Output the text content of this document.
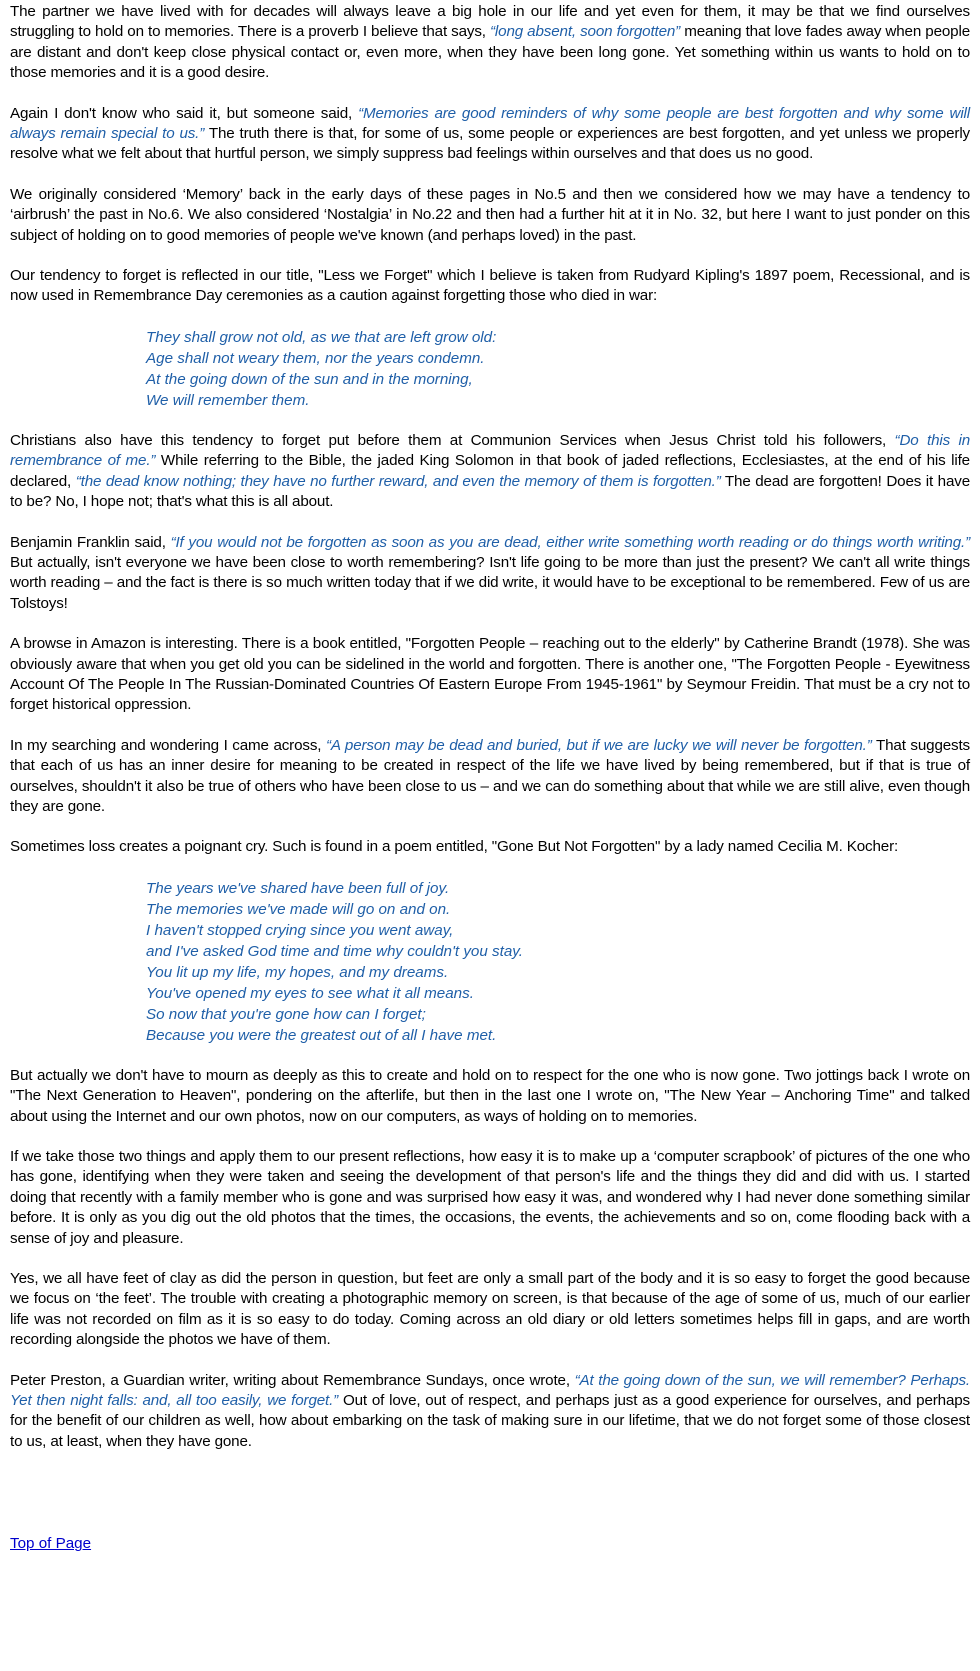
The partner we have lived with for decades will always leave a big hole in our life and yet even for them, it may be that we find ourselves struggling to hold on to memories. There is a proverb I believe that says, “long absent, soon forgotten” meaning that love fades away when people are distant and don't keep close physical contact or, even more, when they have been long gone. Yet something within us wants to hold on to those memories and it is a good desire.

Again I don't know who said it, but someone said, “Memories are good reminders of why some people are best forgotten and why some will always remain special to us.” The truth there is that, for some of us, some people or experiences are best forgotten, and yet unless we properly resolve what we felt about that hurtful person, we simply suppress bad feelings within ourselves and that does us no good.

We originally considered ‘Memory’ back in the early days of these pages in No.5 and then we considered how we may have a tendency to ‘airbrush’ the past in No.6. We also considered ‘Nostalgia’ in No.22 and then had a further hit at it in No. 32, but here I want to just ponder on this subject of holding on to good memories of people we've known (and perhaps loved) in the past.

Our tendency to forget is reflected in our title, "Less we Forget" which I believe is taken from Rudyard Kipling's 1897 poem, Recessional, and is now used in Remembrance Day ceremonies as a caution against forgetting those who died in war:

They shall grow not old, as we that are left grow old:
Age shall not weary them, nor the years condemn.
At the going down of the sun and in the morning,
We will remember them.

Christians also have this tendency to forget put before them at Communion Services when Jesus Christ told his followers, “Do this in remembrance of me.” While referring to the Bible, the jaded King Solomon in that book of jaded reflections, Ecclesiastes, at the end of his life declared, “the dead know nothing; they have no further reward, and even the memory of them is forgotten.” The dead are forgotten! Does it have to be? No, I hope not; that's what this is all about.

Benjamin Franklin said, “If you would not be forgotten as soon as you are dead, either write something worth reading or do things worth writing.” But actually, isn't everyone we have been close to worth remembering? Isn't life going to be more than just the present? We can't all write things worth reading – and the fact is there is so much written today that if we did write, it would have to be exceptional to be remembered. Few of us are Tolstoys!

A browse in Amazon is interesting. There is a book entitled, "Forgotten People – reaching out to the elderly" by Catherine Brandt (1978). She was obviously aware that when you get old you can be sidelined in the world and forgotten. There is another one, "The Forgotten People - Eyewitness Account Of The People In The Russian-Dominated Countries Of Eastern Europe From 1945-1961" by Seymour Freidin. That must be a cry not to forget historical oppression.

In my searching and wondering I came across, “A person may be dead and buried, but if we are lucky we will never be forgotten.” That suggests that each of us has an inner desire for meaning to be created in respect of the life we have lived by being remembered, but if that is true of ourselves, shouldn't it also be true of others who have been close to us – and we can do something about that while we are still alive, even though they are gone.

Sometimes loss creates a poignant cry. Such is found in a poem entitled, "Gone But Not Forgotten" by a lady named Cecilia M. Kocher:

The years we've shared have been full of joy.
The memories we've made will go on and on.
I haven't stopped crying since you went away,
and I've asked God time and time why couldn't you stay.
You lit up my life, my hopes, and my dreams.
You've opened my eyes to see what it all means.
So now that you're gone how can I forget;
Because you were the greatest out of all I have met.

But actually we don't have to mourn as deeply as this to create and hold on to respect for the one who is now gone. Two jottings back I wrote on "The Next Generation to Heaven", pondering on the afterlife, but then in the last one I wrote on, "The New Year – Anchoring Time" and talked about using the Internet and our own photos, now on our computers, as ways of holding on to memories.

If we take those two things and apply them to our present reflections, how easy it is to make up a ‘computer scrapbook’ of pictures of the one who has gone, identifying when they were taken and seeing the development of that person's life and the things they did and did with us. I started doing that recently with a family member who is gone and was surprised how easy it was, and wondered why I had never done something similar before. It is only as you dig out the old photos that the times, the occasions, the events, the achievements and so on, come flooding back with a sense of joy and pleasure.

Yes, we all have feet of clay as did the person in question, but feet are only a small part of the body and it is so easy to forget the good because we focus on ‘the feet’. The trouble with creating a photographic memory on screen, is that because of the age of some of us, much of our earlier life was not recorded on film as it is so easy to do today. Coming across an old diary or old letters sometimes helps fill in gaps, and are worth recording alongside the photos we have of them.

Peter Preston, a Guardian writer, writing about Remembrance Sundays, once wrote, “At the going down of the sun, we will remember? Perhaps. Yet then night falls: and, all too easily, we forget.” Out of love, out of respect, and perhaps just as a good experience for ourselves, and perhaps for the benefit of our children as well, how about embarking on the task of making sure in our lifetime, that we do not forget some of those closest to us, at least, when they have gone.

Top of Page
